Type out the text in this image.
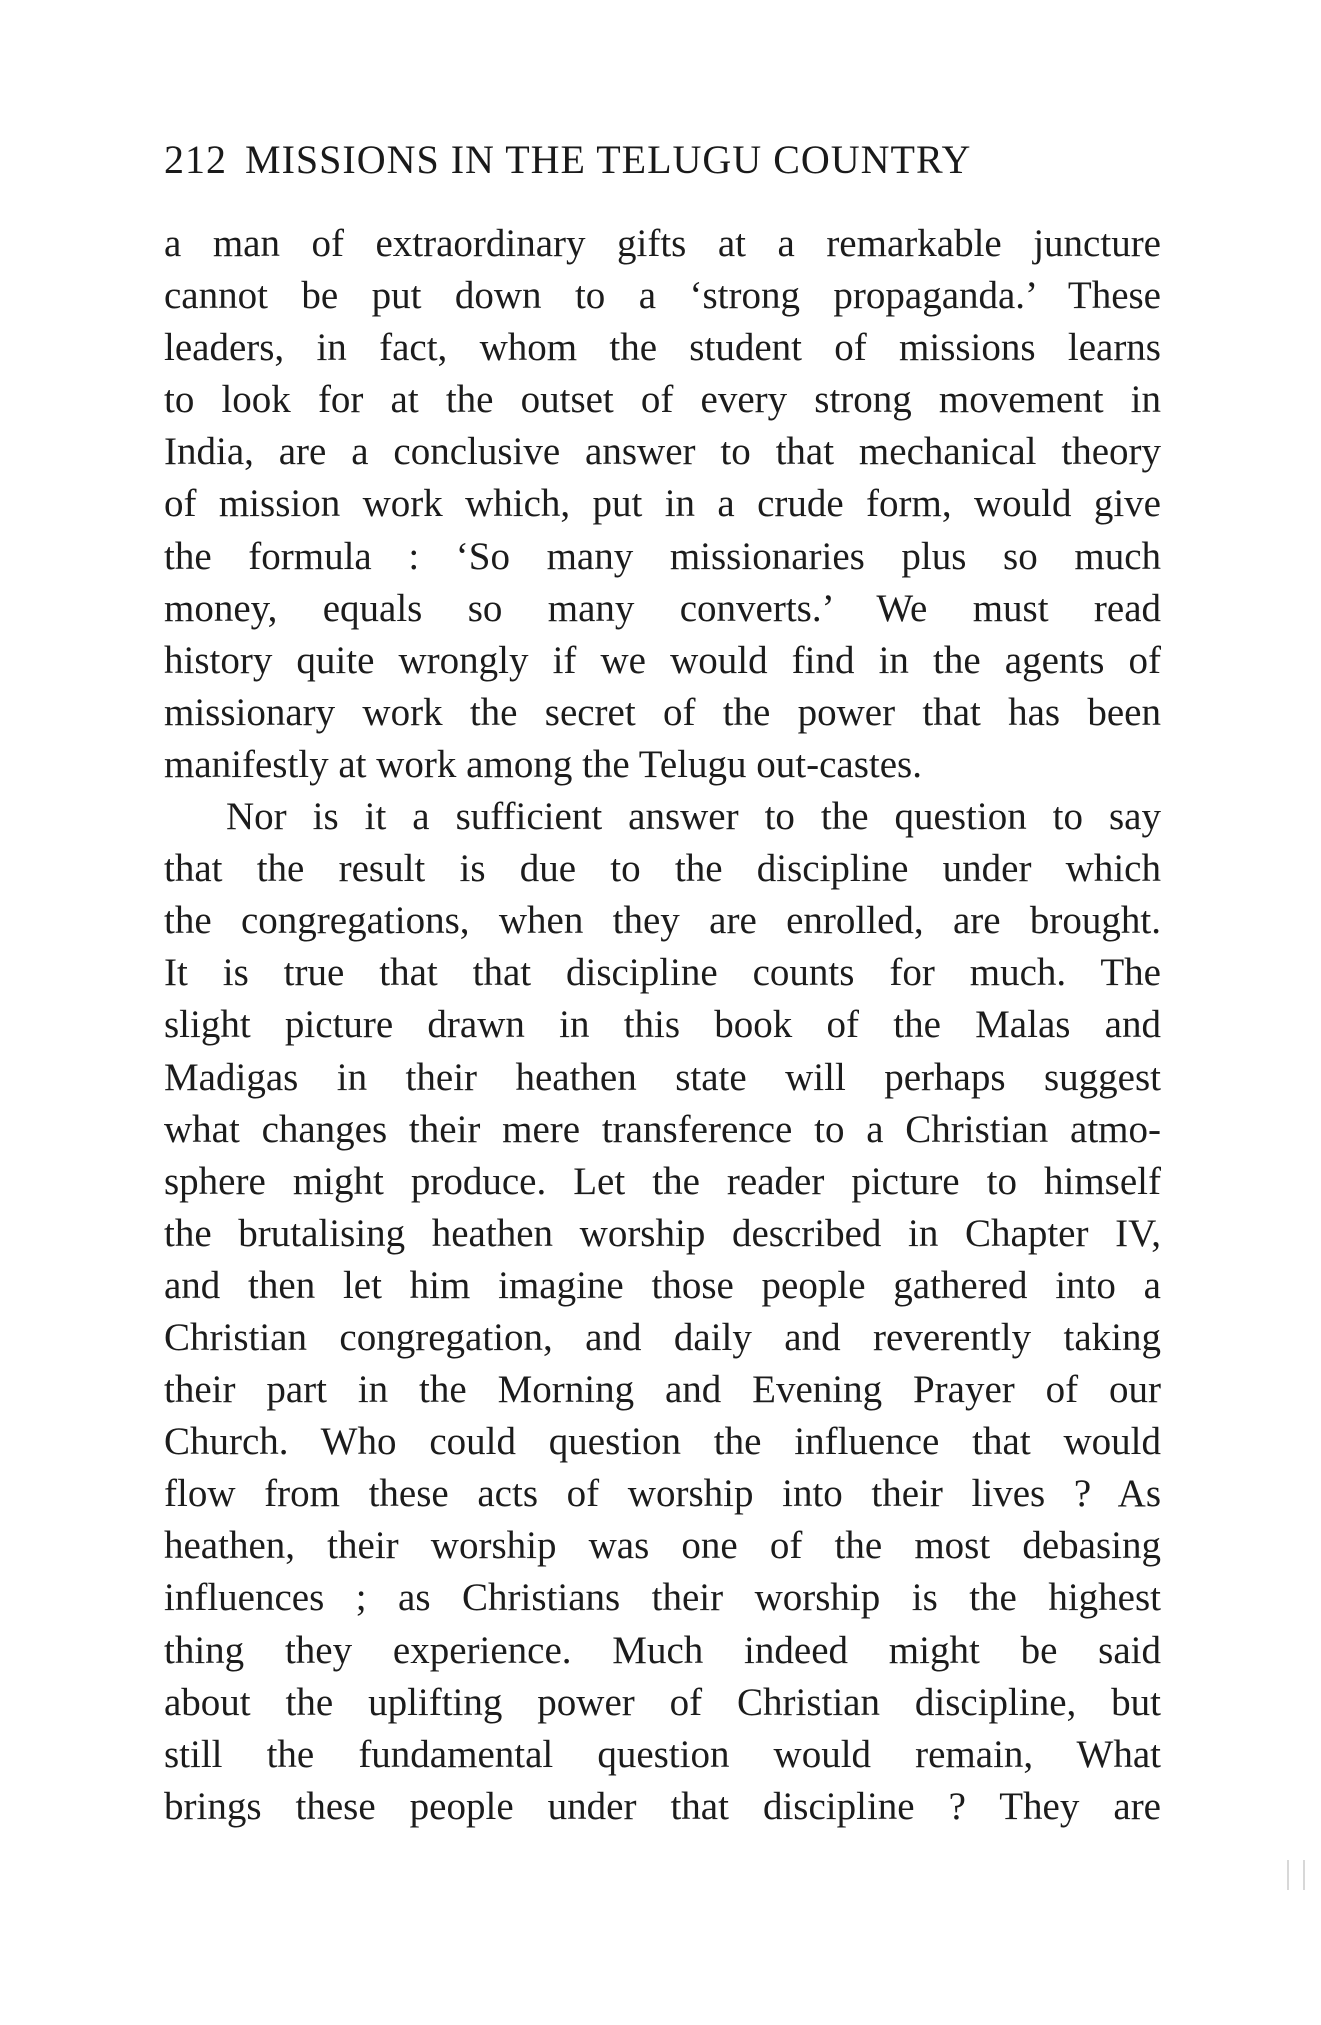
212 MISSIONS IN THE TELUGU COUNTRY
a man of extraordinary gifts at a remarkable juncture
cannot be put down to a ‘strong propaganda.’ These
leaders, in fact, whom the student of missions learns
to look for at the outset of every strong movement in
India, are a conclusive answer to that mechanical theory
of mission work which, put in a crude form, would give
the formula : ‘So many missionaries plus so much
money, equals so many converts.’ We must read
history quite wrongly if we would find in the agents of
missionary work the secret of the power that has been
manifestly at work among the Telugu out-castes.
Nor is it a sufficient answer to the question to say
that the result is due to the discipline under which
the congregations, when they are enrolled, are brought.
It is true that that discipline counts for much. The
slight picture drawn in this book of the Malas and
Madigas in their heathen state will perhaps suggest
what changes their mere transference to a Christian atmo-
sphere might produce. Let the reader picture to himself
the brutalising heathen worship described in Chapter IV,
and then let him imagine those people gathered into a
Christian congregation, and daily and reverently taking
their part in the Morning and Evening Prayer of our
Church. Who could question the influence that would
flow from these acts of worship into their lives ? As
heathen, their worship was one of the most debasing
influences ; as Christians their worship is the highest
thing they experience. Much indeed might be said
about the uplifting power of Christian discipline, but
still the fundamental question would remain, What
brings these people under that discipline ? They are
